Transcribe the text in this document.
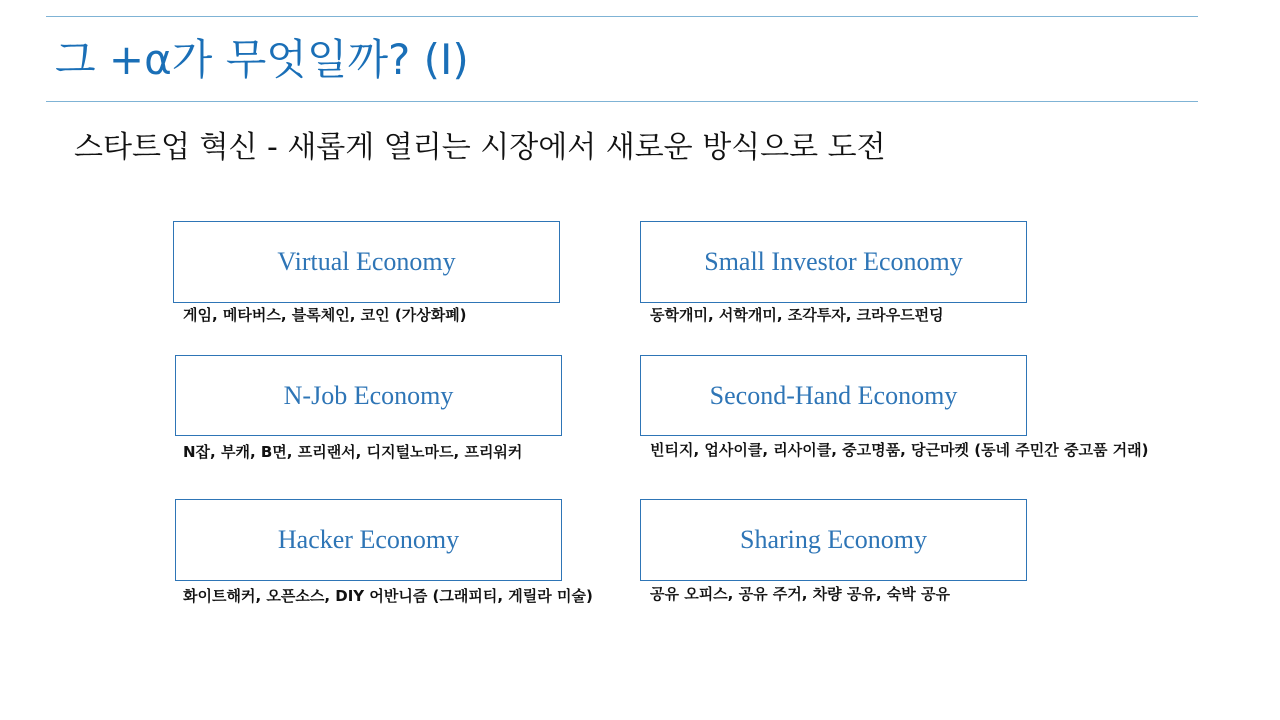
그 +α가 무엇일까? (I)
스타트업 혁신 - 새롭게 열리는 시장에서 새로운 방식으로 도전
Virtual Economy
게임, 메타버스, 블록체인, 코인 (가상화폐)
Small Investor Economy
동학개미, 서학개미, 조각투자, 크라우드펀딩
N-Job Economy
N잡, 부캐, B면, 프리랜서, 디지털노마드, 프리워커
Second-Hand Economy
빈티지, 업사이클, 리사이클, 중고명품, 당근마켓 (동네 주민간 중고품 거래)
Hacker Economy
화이트해커, 오픈소스, DIY 어반니즘 (그래피티, 게릴라 미술)
Sharing Economy
공유 오피스, 공유 주거, 차량 공유, 숙박 공유
